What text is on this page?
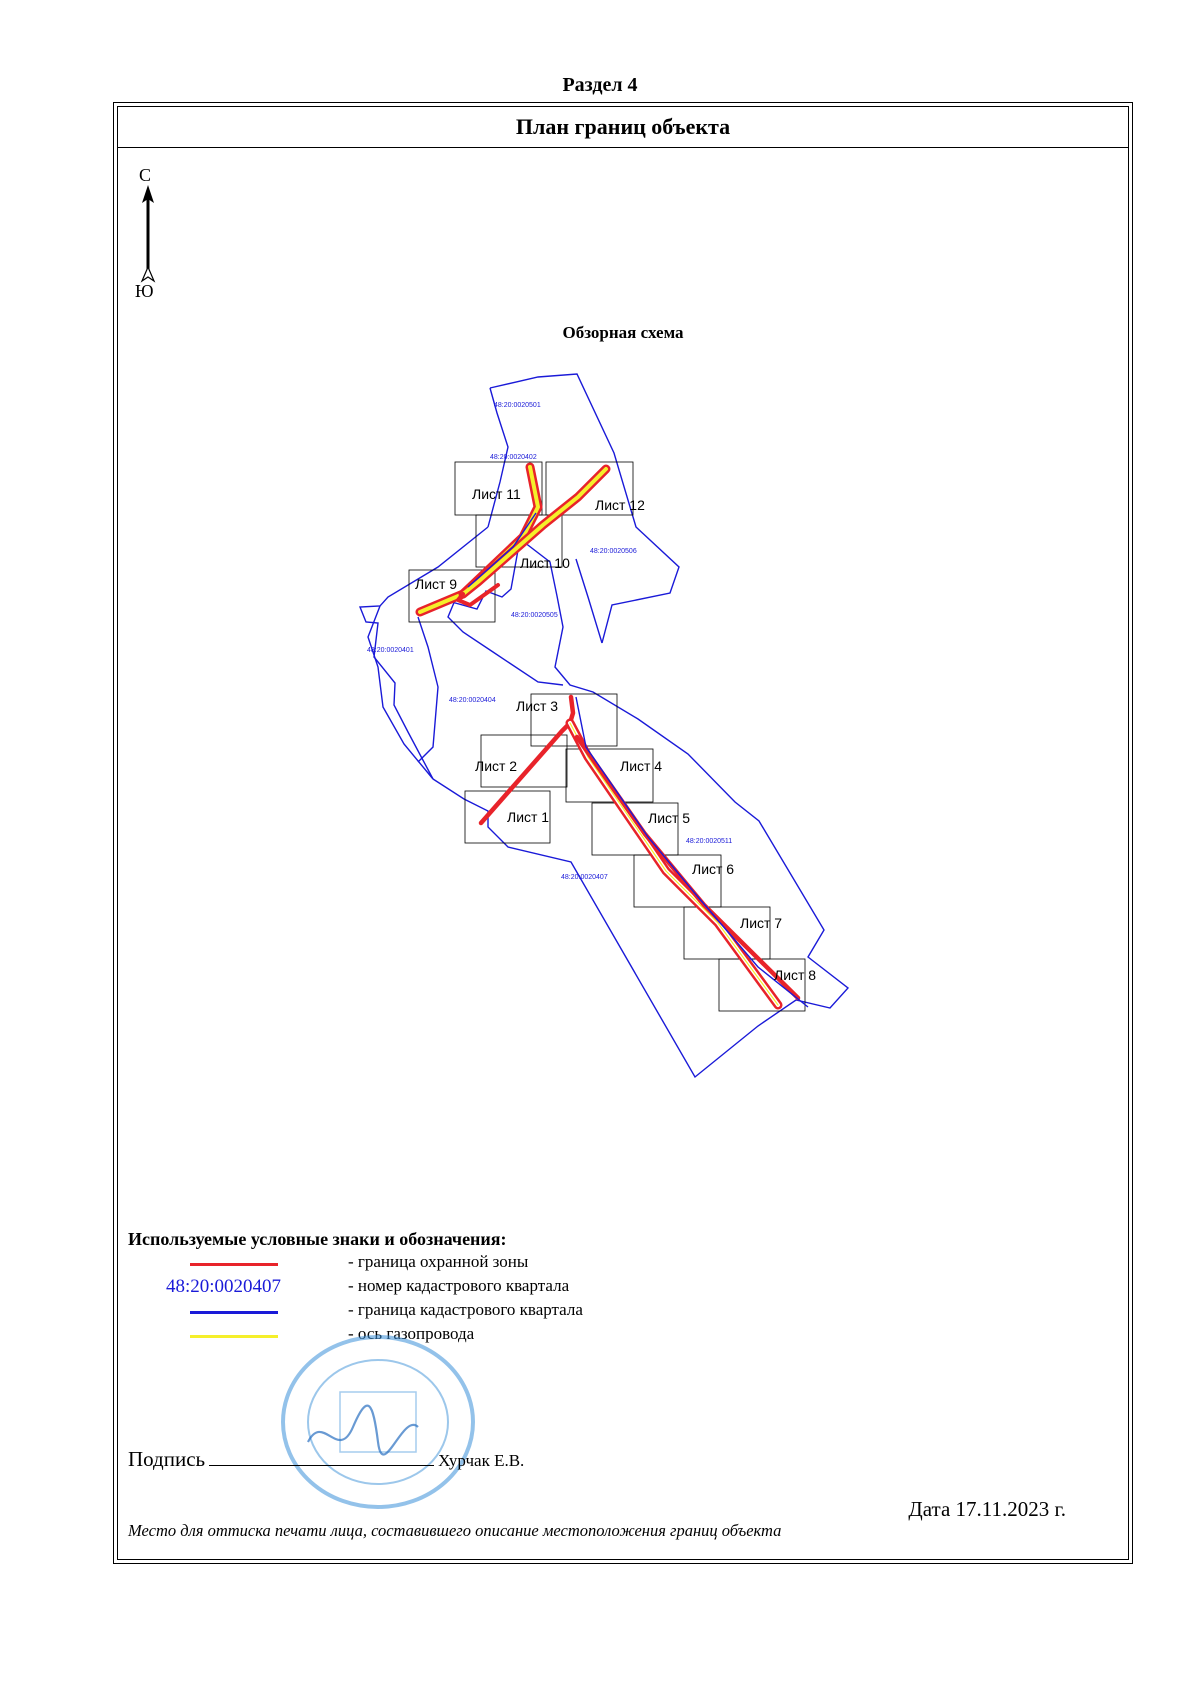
Раздел 4
План границ объекта
С
Ю
Обзорная схема
Лист 1
Лист 2
Лист 3
Лист 4
Лист 5
Лист 6
Лист 7
Лист 8
Лист 9
Лист 10
Лист 11
Лист 12
48:20:0020501
48:20:0020402
48:20:0020506
48:20:0020505
48:20:0020401
48:20:0020404
48:20:0020511
48:20:0020407
Используемые условные знаки и обозначения:
- граница охранной зоны
48:20:0020407	- номер кадастрового квартала
- граница кадастрового квартала
- ось газопровода
Подпись	Хурчак Е.В.
Дата 17.11.2023 г.
Место для оттиска печати лица, составившего описание местоположения границ объекта
